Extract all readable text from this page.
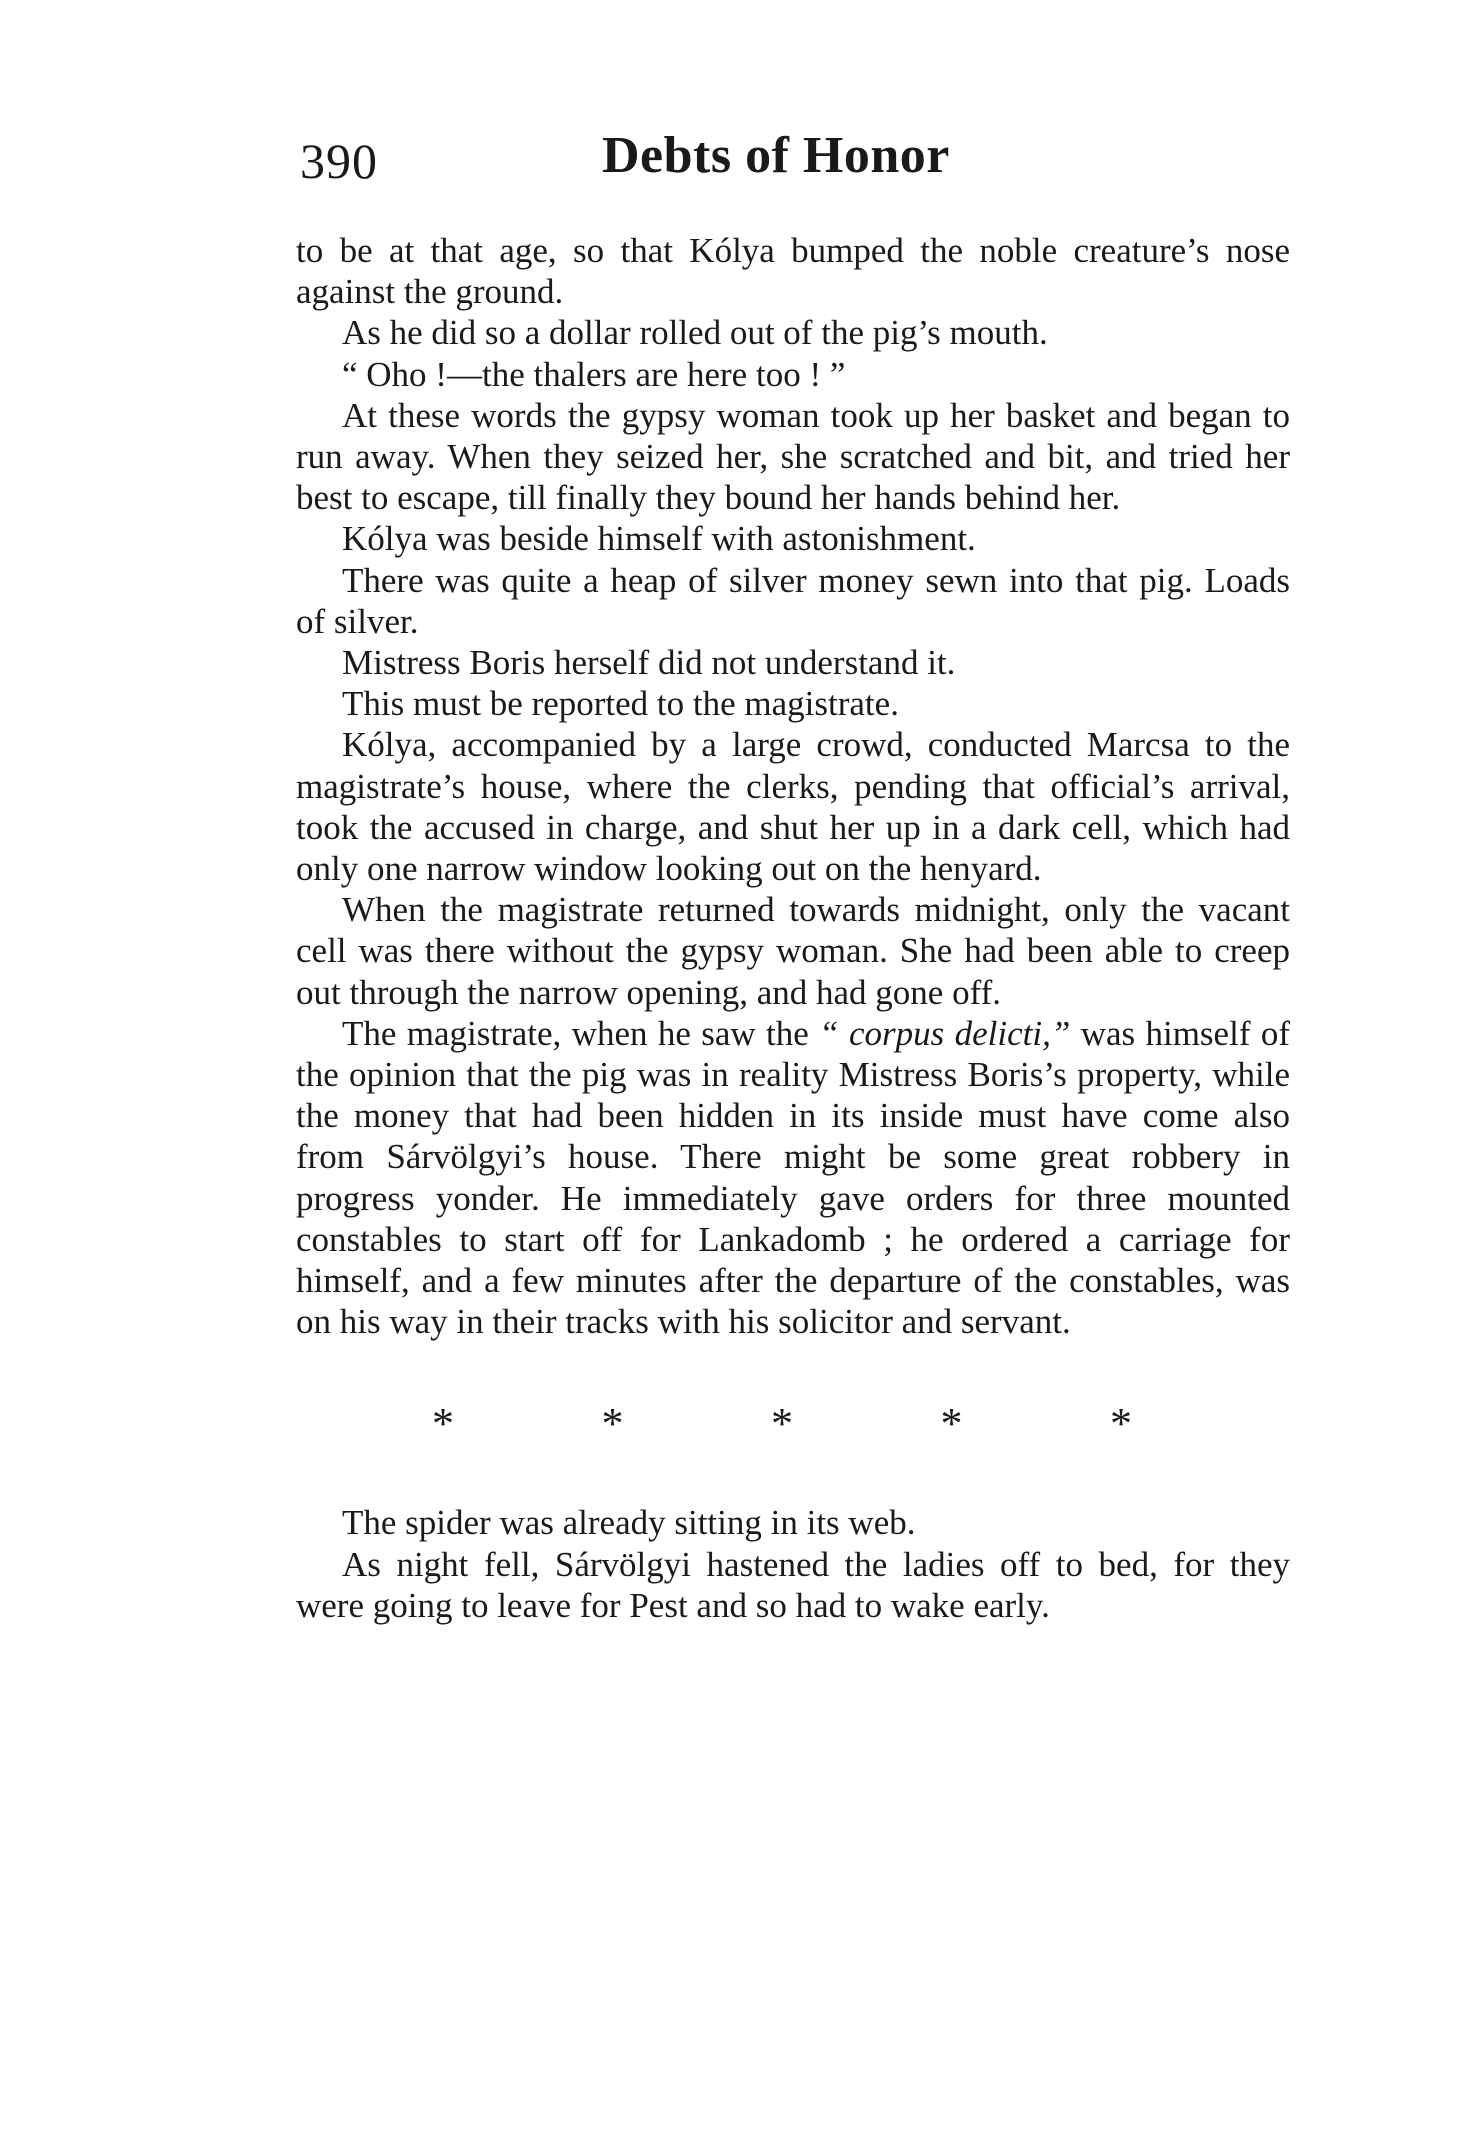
390	Debts of Honor

to be at that age, so that Kólya bumped the noble creature’s nose against the ground.

As he did so a dollar rolled out of the pig’s mouth.

“ Oho !—the thalers are here too ! ”

At these words the gypsy woman took up her basket and began to run away. When they seized her, she scratched and bit, and tried her best to escape, till finally they bound her hands behind her.

Kólya was beside himself with astonishment.

There was quite a heap of silver money sewn into that pig. Loads of silver.

Mistress Boris herself did not understand it.

This must be reported to the magistrate.

Kólya, accompanied by a large crowd, conducted Marcsa to the magistrate’s house, where the clerks, pending that official’s arrival, took the accused in charge, and shut her up in a dark cell, which had only one narrow window looking out on the henyard.

When the magistrate returned towards midnight, only the vacant cell was there without the gypsy woman. She had been able to creep out through the narrow opening, and had gone off.

The magistrate, when he saw the “ corpus delicti,” was himself of the opinion that the pig was in reality Mistress Boris’s property, while the money that had been hidden in its inside must have come also from Sárvölgyi’s house. There might be some great robbery in progress yonder. He immediately gave orders for three mounted constables to start off for Lankadomb ; he ordered a carriage for himself, and a few minutes after the departure of the constables, was on his way in their tracks with his solicitor and servant.

*	*	*	*	*

The spider was already sitting in its web.

As night fell, Sárvölgyi hastened the ladies off to bed, for they were going to leave for Pest and so had to wake early.
